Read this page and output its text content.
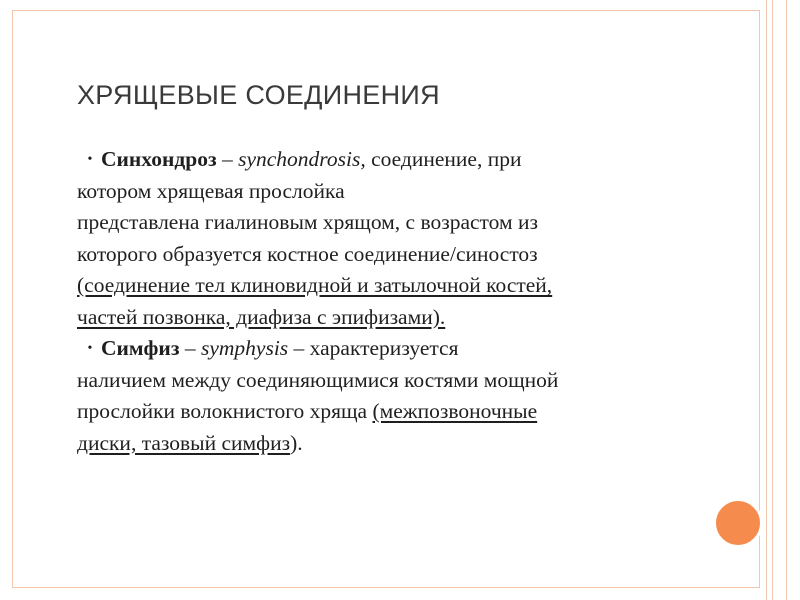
ХРЯЩЕВЫЕ СОЕДИНЕНИЯ

• Синхондроз – synchondrosis, соединение, при
котором хрящевая прослойка
представлена гиалиновым хрящом, с возрастом из
которого образуется костное соединение/синостоз
(соединение тел клиновидной и затылочной костей,
частей позвонка, диафиза с эпифизами).

• Симфиз – symphysis – характеризуется
наличием между соединяющимися костями мощной
прослойки волокнистого хряща (межпозвоночные
диски, тазовый симфиз).
